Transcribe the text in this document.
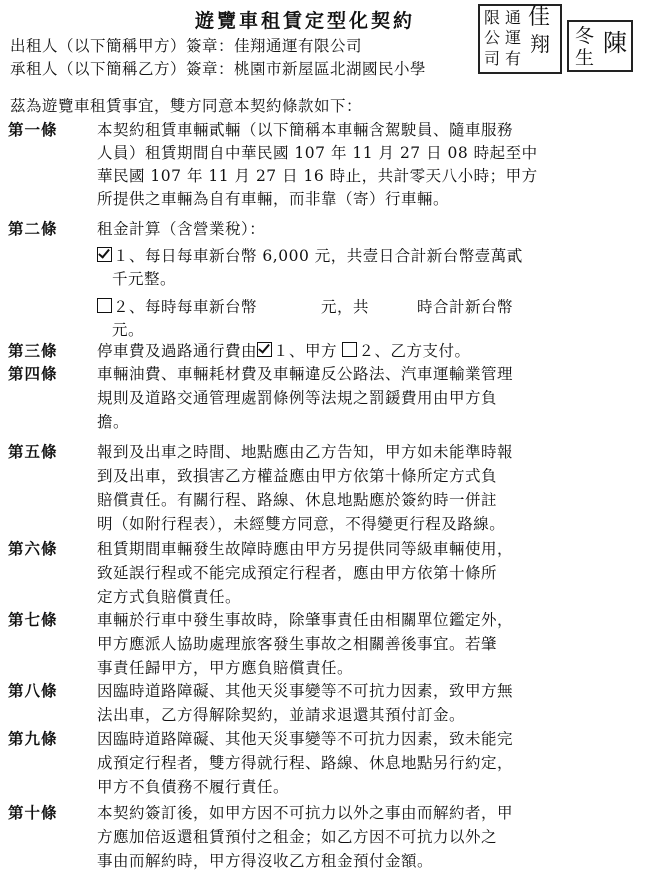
遊覽車租賃定型化契約	限 通 佳
公 運 翔
司 有
冬 陳
生
出租人（以下簡稱甲方）簽章：佳翔通運有限公司
承租人（以下簡稱乙方）簽章：桃園市新屋區北湖國民小學
茲為遊覽車租賃事宜，雙方同意本契約條款如下：
第一條	本契約租賃車輛貳輛（以下簡稱本車輛含駕駛員、隨車服務
人員）租賃期間自中華民國 107 年 11 月 27 日 08 時起至中
華民國 107 年 11 月 27 日 16 時止，共計零天八小時；甲方
所提供之車輛為自有車輛，而非靠（寄）行車輛。
第二條	租金計算（含營業稅）：
１、每日每車新台幣 6,000 元，共壹日合計新台幣壹萬貳
千元整。
２、每時每車新台幣　　　　元，共　　　時合計新台幣
元。
第三條	停車費及過路通行費由 １、甲方 ２、乙方支付。
第四條	車輛油費、車輛耗材費及車輛違反公路法、汽車運輸業管理
規則及道路交通管理處罰條例等法規之罰鍰費用由甲方負
擔。
第五條	報到及出車之時間、地點應由乙方告知，甲方如未能準時報
到及出車，致損害乙方權益應由甲方依第十條所定方式負
賠償責任。有關行程、路線、休息地點應於簽約時一併註
明（如附行程表），未經雙方同意，不得變更行程及路線。
第六條	租賃期間車輛發生故障時應由甲方另提供同等級車輛使用，
致延誤行程或不能完成預定行程者，應由甲方依第十條所
定方式負賠償責任。
第七條	車輛於行車中發生事故時，除肇事責任由相關單位鑑定外，
甲方應派人協助處理旅客發生事故之相關善後事宜。若肇
事責任歸甲方，甲方應負賠償責任。
第八條	因臨時道路障礙、其他天災事變等不可抗力因素，致甲方無
法出車，乙方得解除契約，並請求退還其預付訂金。
第九條	因臨時道路障礙、其他天災事變等不可抗力因素，致未能完
成預定行程者，雙方得就行程、路線、休息地點另行約定，
甲方不負債務不履行責任。
第十條	本契約簽訂後，如甲方因不可抗力以外之事由而解約者，甲
方應加倍返還租賃預付之租金；如乙方因不可抗力以外之
事由而解約時，甲方得沒收乙方租金預付金額。
